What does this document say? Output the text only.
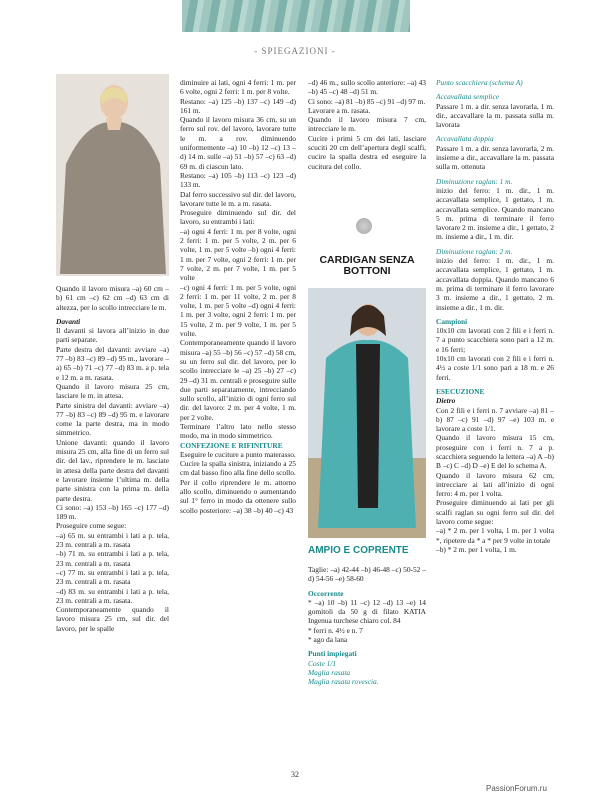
- SPIEGAZIONI -

Quando il lavoro misura –a) 60 cm –b) 61 cm –c) 62 cm –d) 63 cm di altezza, per lo scollo intrecciare le m.

Davanti

Il davanti si lavora all’inizio in due parti separate.

Parte destra del davanti: avviare –a) 77 –b) 83 –c) 89 –d) 95 m., lavorare –a) 65 –b) 71 –c) 77 –d) 83 m. a p. tela e 12 m. a m. rasata.

Quando il lavoro misura 25 cm, lasciare le m. in attesa.

Parte sinistra del davanti: avviare –a) 77 –b) 83 –c) 89 –d) 95 m. e lavorare come la parte destra, ma in modo simmetrico.

Unione davanti: quando il lavoro misura 25 cm, alla fine di un ferro sul dir. del lav., riprendere le m. lasciate in attesa della parte destra del davanti e lavorare insieme l’ultima m. della parte sinistra con la prima m. della parte destra.

Ci sono: –a) 153 –b) 165 –c) 177 –d) 189 m.

Proseguire come segue:

–a) 65 m. su entrambi i lati a p. tela, 23 m. centrali a m. rasata

–b) 71 m. su entrambi i lati a p. tela, 23 m. centrali a m. rasata

–c) 77 m. su entrambi i lati a p. tela, 23 m. centrali a m. rasata

–d) 83 m. su entrambi i lati a p. tela, 23 m. centrali a m. rasata.

Contemporaneamente quando il lavoro misura 25 cm, sul dir. del lavoro, per le spalle

diminuire ai lati, ogni 4 ferri: 1 m. per 6 volte, ogni 2 ferri: 1 m. per 8 volte.

Restano: –a) 125 –b) 137 –c) 149 –d) 161 m.

Quando il lavoro misura 36 cm, su un ferro sul rov. del lavoro, lavorare tutte le m. a rov. diminuendo uniformemente –a) 10 –b) 12 –c) 13 –d) 14 m. sulle –a) 51 –b) 57 –c) 63 –d) 69 m. di ciascun lato.

Restano: –a) 105 –b) 113 –c) 123 –d) 133 m.

Dal ferro successivo sul dir. del lavoro, lavorare tutte le m. a m. rasata.

Proseguire diminuendo sul dir. del lavoro, su entrambi i lati:

–a) ogni 4 ferri: 1 m. per 8 volte, ogni 2 ferri: 1 m. per 5 volte, 2 m. per 6 volte, 1 m. per 5 volte –b) ogni 4 ferri: 1 m. per 7 volte, ogni 2 ferri: 1 m. per 7 volte, 2 m. per 7 volte, 1 m. per 5 volte

–c) ogni 4 ferri: 1 m. per 5 volte, ogni 2 ferri: 1 m. per 11 volte, 2 m. per 8 volte, 1 m. per 5 volte –d) ogni 4 ferri: 1 m. per 3 volte, ogni 2 ferri: 1 m. per 15 volte, 2 m. per 9 volte, 1 m. per 5 volte.

Contemporaneamente quando il lavoro misura –a) 55 –b) 56 –c) 57 –d) 58 cm, su un ferro sul dir. del lavoro, per lo scollo intrecciare le –a) 25 –b) 27 –c) 29 –d) 31 m. centrali e proseguire sulle due parti separatamente, intrecciando sullo scollo, all’inizio di ogni ferro sul dir. del lavoro: 2 m. per 4 volte, 1 m. per 2 volte.

Terminare l’altro lato nello stesso modo, ma in modo simmetrico.

CONFEZIONE E RIFINITURE

Eseguire le cuciture a punto materasso.

Cucire la spalla sinistra, iniziando a 25 cm dal basso fino alla fine dello scollo.

Per il collo riprendere le m. attorno allo scollo, diminuendo o aumentando sul 1° ferro in modo da ottenere sullo scollo posteriore: –a) 38 –b) 40 –c) 43

–d) 46 m., sullo scollo anteriore: –a) 43 –b) 45 –c) 48 –d) 51 m.

Ci sono: –a) 81 –b) 85 –c) 91 –d) 97 m.

Lavorare a m. rasata.

Quando il lavoro misura 7 cm, intrecciare le m.

Cucire i primi 5 cm dei lati, lasciare scuciti 20 cm dell’apertura degli scalfi, cucire la spalla destra ed eseguire la cucitura del collo.

CARDIGAN SENZA BOTTONI
AMPIO E COPRENTE

Taglie: –a) 42-44 –b) 46-48 –c) 50-52 –d) 54-56 –e) 58-60

Occorrente

* –a) 10 –b) 11 –c) 12 –d) 13 –e) 14 gomitoli da 50 g di filato KATIA Ingenua turchese chiaro col. 84

* ferri n. 4½ e n. 7

* ago da lana

Punti impiegati

Coste 1/1

Maglia rasata

Maglia rasata rovescia.

Punto scacchiera (schema A)

Accavallata semplice

Passare 1 m. a dir. senza lavorarla, 1 m. dir., accavallare la m. passata sulla m. lavorata

Accavallata doppia

Passare 1 m. a dir. senza lavorarla, 2 m. insieme a dir., accavallare la m. passata sulla m. ottenuta

Diminuzione raglan: 1 m.

inizio del ferro: 1 m. dir., 1 m. accavallata semplice, 1 gettato, 1 m. accavallata semplice. Quando mancano 5 m. prima di terminare il ferro lavorare 2 m. insieme a dir., 1 gettato, 2 m. insieme a dir., 1 m. dir.

Diminuzione raglan: 2 m.

inizio del ferro: 1 m. dir., 1 m. accavallata semplice, 1 gettato, 1 m. accavallata doppia. Quando mancano 6 m. prima di terminare il ferro lavorare 3 m. insieme a dir., 1 gettato, 2 m. insieme a dir., 1 m. dir.

Campioni

10x10 cm lavorati con 2 fili e i ferri n. 7 a punto scacchiera sono pari a 12 m. e 16 ferri;

10x10 cm lavorati con 2 fili e i ferri n. 4½ a coste 1/1 sono pari a 18 m. e 26 ferri.

ESECUZIONE

Dietro

Con 2 fili e i ferri n. 7 avviare –a) 81 –b) 87 –c) 91 –d) 97 –e) 103 m. e lavorare a coste 1/1.

Quando il lavoro misura 15 cm, proseguire con i ferri n. 7 a p. scacchiera seguendo la lettera –a) A –b) B –c) C –d) D –e) E del lo schema A.

Quando il lavoro misura 62 cm, intrecciare ai lati all’inizio di ogni ferro: 4 m. per 1 volta.

Proseguire diminuendo ai lati per gli scalfi raglan su ogni ferro sul dir. del lavoro come segue:

–a) * 2 m. per 1 volta, 1 m. per 1 volta *, ripetere da * a * per 9 volte in totale

–b) * 2 m. per 1 volta, 1 m.

32
PassionForum.ru
